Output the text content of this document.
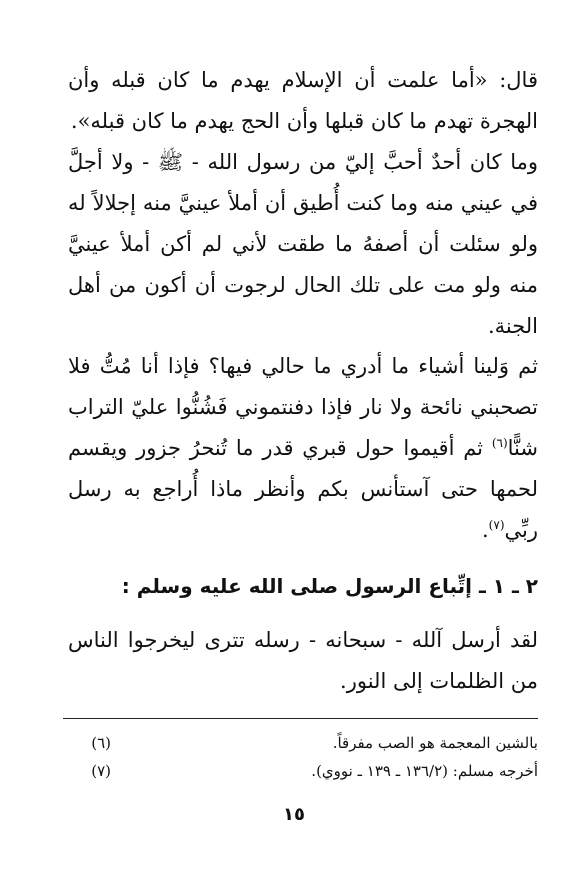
قال: «أما علمت أن الإسلام يهدم ما كان قبله وأن الهجرة تهدم ما كان قبلها وأن الحج يهدم ما كان قبله».

وما كان أحدٌ أحبَّ إليّ من رسول الله - ﷺ - ولا أجلَّ في عيني منه وما كنت أُطيق أن أملأ عينيَّ منه إجلالاً له ولو سئلت أن أصفهُ ما طقت لأني لم أكن أملأ عينيَّ منه ولو مت على تلك الحال لرجوت أن أكون من أهل الجنة.

ثم وَلينا أشياء ما أدري ما حالي فيها؟ فإذا أنا مُتُّ فلا تصحبني نائحة ولا نار فإذا دفنتموني فَشُنُّوا عليّ التراب شنًّا$^{(٦)}$ ثم أقيموا حول قبري قدر ما تُنحرُ جزور ويقسم لحمها حتى آستأنس بكم وأنظر ماذا أُراجع به رسل ربِّي$^{(٧)}$.

٢ ـ ١ ـ إتِّباع الرسول صلى الله عليه وسلم :

لقد أرسل آلله - سبحانه - رسله تترى ليخرجوا الناس من الظلمات إلى النور.

بالشين المعجمة هو الصب مفرقاً.
(٦)
أخرجه مسلم: (١٣٦/٢ ـ ١٣٩ ـ نووي).
(٧)
١٥
